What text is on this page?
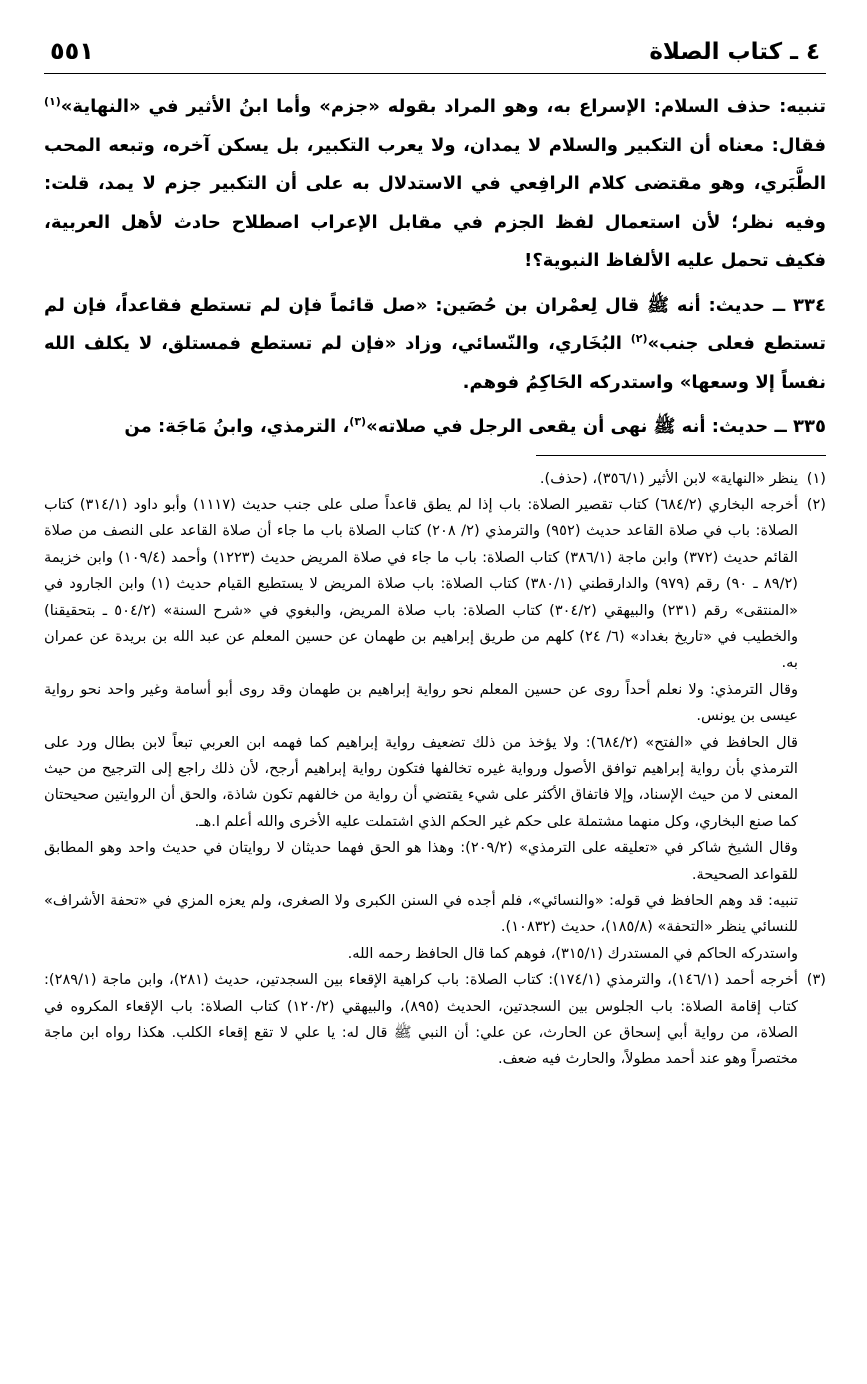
٤ ـ كتاب الصلاة
٥٥١

تنبيه: حذف السلام: الإسراع به، وهو المراد بقوله «جزم» وأما ابنُ الأثير في «النهاية»$^{(١)}$ فقال: معناه أن التكبير والسلام لا يمدان، ولا يعرب التكبير، بل يسكن آخره، وتبعه المحب الطَّبَري، وهو مقتضى كلام الرافِعي في الاستدلال به على أن التكبير جزم لا يمد، قلت: وفيه نظر؛ لأن استعمال لفظ الجزم في مقابل الإعراب اصطلاح حادث لأهل العربية، فكيف تحمل عليه الألفاظ النبوية؟!

٣٣٤ ــ حديث: أنه ﷺ قال لِعمْران بن حُصَين: «صل قائماً فإن لم تستطع فقاعداً، فإن لم تستطع فعلى جنب»$^{(٢)}$ البُخَاري، والنّسائي، وزاد «فإن لم تستطع فمستلق، لا يكلف الله نفساً إلا وسعها» واستدركه الحَاكِمُ فوهم.

٣٣٥ ــ حديث: أنه ﷺ نهى أن يقعى الرجل في صلاته»$^{(٣)}$، الترمذي، وابنُ مَاجَة: من

(١)

ينظر «النهاية» لابن الأثير (٣٥٦/١)، (حذف).

(٢)

أخرجه البخاري (٦٨٤/٢) كتاب تقصير الصلاة: باب إذا لم يطق قاعداً صلى على جنب حديث (١١١٧) وأبو داود (٣١٤/١) كتاب الصلاة: باب في صلاة القاعد حديث (٩٥٢) والترمذي (٢/ ٢٠٨) كتاب الصلاة باب ما جاء أن صلاة القاعد على النصف من صلاة القائم حديث (٣٧٢) وابن ماجة (٣٨٦/١) كتاب الصلاة: باب ما جاء في صلاة المريض حديث (١٢٢٣) وأحمد (١٠٩/٤) وابن خزيمة (٨٩/٢ ـ ٩٠) رقم (٩٧٩) والدارقطني (٣٨٠/١) كتاب الصلاة: باب صلاة المريض لا يستطيع القيام حديث (١) وابن الجارود في «المنتقى» رقم (٢٣١) والبيهقي (٣٠٤/٢) كتاب الصلاة: باب صلاة المريض، والبغوي في «شرح السنة» (٥٠٤/٢ ـ بتحقيقنا) والخطيب في «تاريخ بغداد» (٦/ ٢٤) كلهم من طريق إبراهيم بن طهمان عن حسين المعلم عن عبد الله بن بريدة عن عمران به.

وقال الترمذي: ولا نعلم أحداً روى عن حسين المعلم نحو رواية إبراهيم بن طهمان وقد روى أبو أسامة وغير واحد نحو رواية عيسى بن يونس.

قال الحافظ في «الفتح» (٦٨٤/٢): ولا يؤخذ من ذلك تضعيف رواية إبراهيم كما فهمه ابن العربي تبعاً لابن بطال ورد على الترمذي بأن رواية إبراهيم توافق الأصول ورواية غيره تخالفها فتكون رواية إبراهيم أرجح، لأن ذلك راجع إلى الترجيح من حيث المعنى لا من حيث الإسناد، وإلا فاتفاق الأكثر على شيء يقتضي أن رواية من خالفهم تكون شاذة، والحق أن الروايتين صحيحتان كما صنع البخاري، وكل منهما مشتملة على حكم غير الحكم الذي اشتملت عليه الأخرى والله أعلم ا.هـ.

وقال الشيخ شاكر في «تعليقه على الترمذي» (٢٠٩/٢): وهذا هو الحق فهما حديثان لا روايتان في حديث واحد وهو المطابق للقواعد الصحيحة.

تنبيه: قد وهم الحافظ في قوله: «والنسائي»، فلم أجده في السنن الكبرى ولا الصغرى، ولم يعزه المزي في «تحفة الأشراف» للنسائي ينظر «التحفة» (١٨٥/٨)، حديث (١٠٨٣٢).

واستدركه الحاكم في المستدرك (٣١٥/١)، فوهم كما قال الحافظ رحمه الله.

(٣)

أخرجه أحمد (١٤٦/١)، والترمذي (١٧٤/١): كتاب الصلاة: باب كراهية الإقعاء بين السجدتين، حديث (٢٨١)، وابن ماجة (٢٨٩/١): كتاب إقامة الصلاة: باب الجلوس بين السجدتين، الحديث (٨٩٥)، والبيهقي (١٢٠/٢) كتاب الصلاة: باب الإقعاء المكروه في الصلاة، من رواية أبي إسحاق عن الحارث، عن علي: أن النبي ﷺ قال له: يا علي لا تقع إقعاء الكلب. هكذا رواه ابن ماجة مختصراً وهو عند أحمد مطولاً، والحارث فيه ضعف.
